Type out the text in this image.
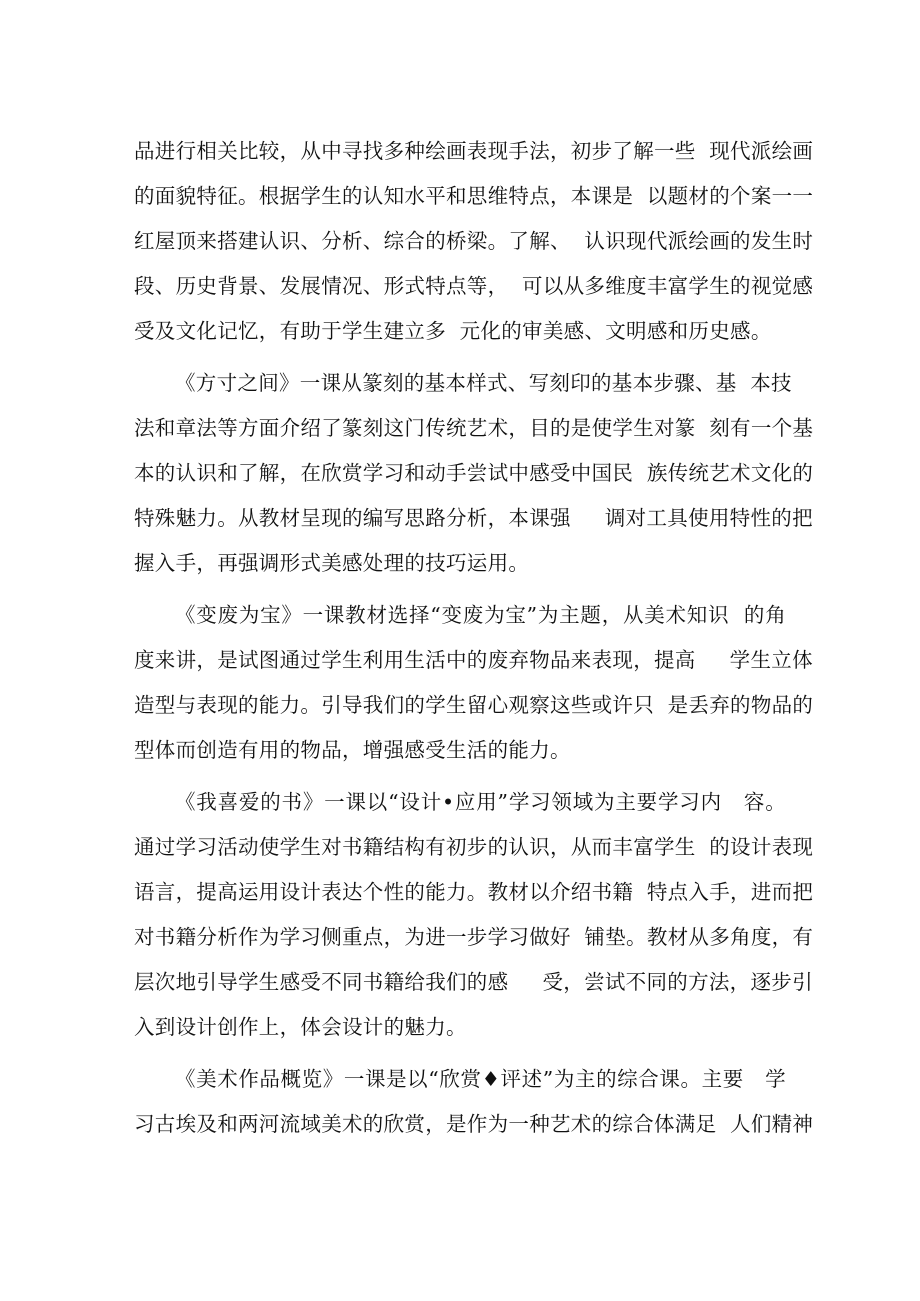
品进行相关比较，从中寻找多种绘画表现手法，初步了解一些  现代派绘画
的面貌特征。根据学生的认知水平和思维特点，本课是  以题材的个案一一
红屋顶来搭建认识、分析、综合的桥梁。了解、  认识现代派绘画的发生时
段、历史背景、发展情况、形式特点等，  可以从多维度丰富学生的视觉感
受及文化记忆，有助于学生建立多  元化的审美感、文明感和历史感。
《方寸之间》一课从篆刻的基本样式、写刻印的基本步骤、基  本技
法和章法等方面介绍了篆刻这门传统艺术，目的是使学生对篆  刻有一个基
本的认识和了解，在欣赏学习和动手尝试中感受中国民  族传统艺术文化的
特殊魅力。从教材呈现的编写思路分析，本课强     调对工具使用特性的把
握入手，再强调形式美感处理的技巧运用。
《变废为宝》一课教材选择“变废为宝”为主题，从美术知识  的角
度来讲，是试图通过学生利用生活中的废弃物品来表现，提高     学生立体
造型与表现的能力。引导我们的学生留心观察这些或许只  是丢弃的物品的
型体而创造有用的物品，增强感受生活的能力。
《我喜爱的书》一课以“设计•应用”学习领域为主要学习内   容。
通过学习活动使学生对书籍结构有初步的认识，从而丰富学生  的设计表现
语言，提高运用设计表达个性的能力。教材以介绍书籍  特点入手，进而把
对书籍分析作为学习侧重点，为进一步学习做好  铺垫。教材从多角度，有
层次地引导学生感受不同书籍给我们的感     受，尝试不同的方法，逐步引
入到设计创作上，体会设计的魅力。
《美术作品概览》一课是以“欣赏♦评述”为主的综合课。主要   学
习古埃及和两河流域美术的欣赏，是作为一种艺术的综合体满足  人们精神
